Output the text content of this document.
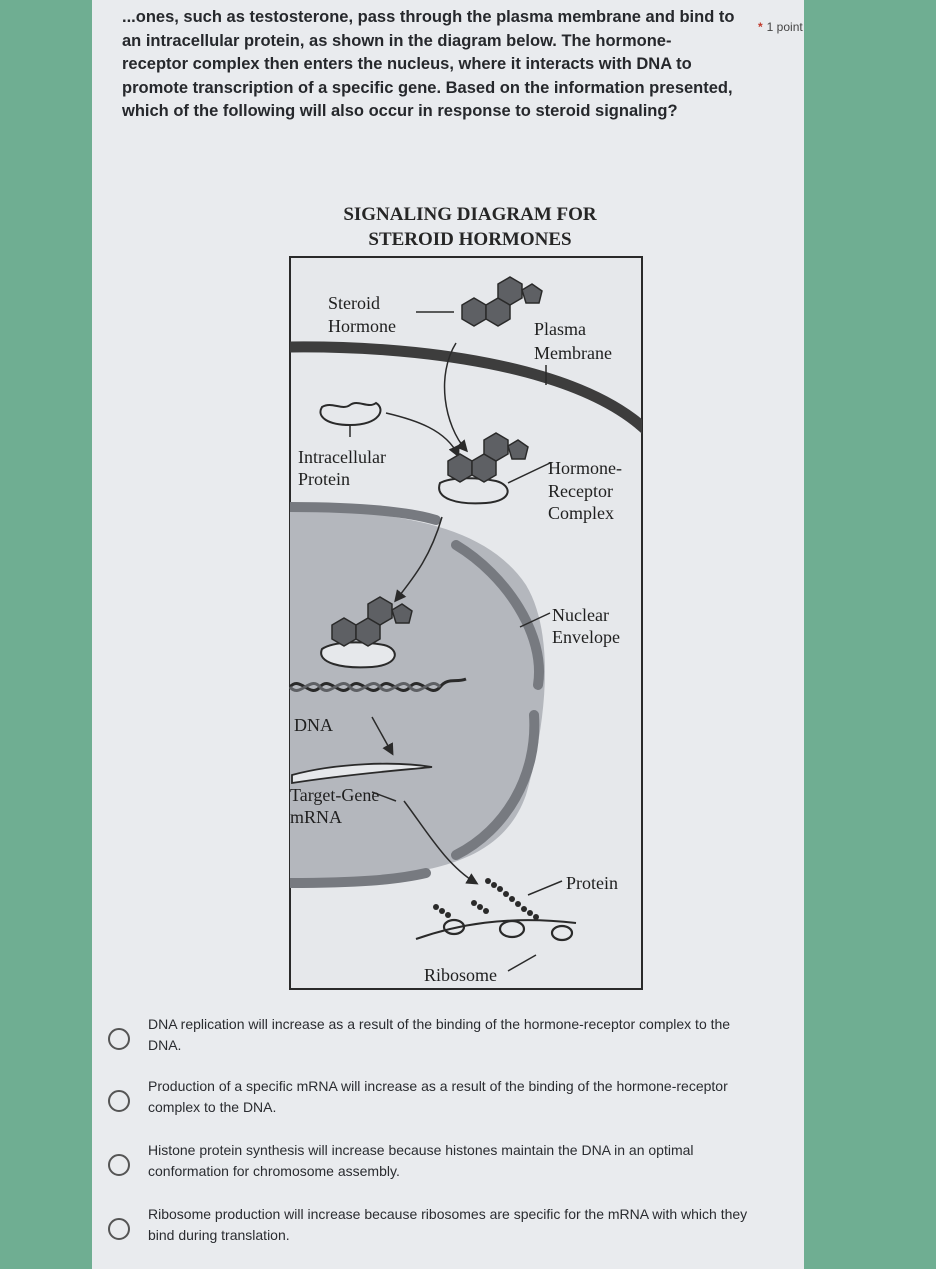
...ones, such as testosterone, pass through the plasma membrane and bind to an intracellular protein, as shown in the diagram below. The hormone-receptor complex then enters the nucleus, where it interacts with DNA to promote transcription of a specific gene. Based on the information presented, which of the following will also occur in response to steroid signaling?
* 1 point
SIGNALING DIAGRAM FOR
STEROID HORMONES
Steroid
Hormone	Plasma
Membrane
Intracellular
Protein
Hormone-
Receptor
Complex
Nuclear
Envelope
DNA
Target-Gene
mRNA
Protein
Ribosome
DNA replication will increase as a result of the binding of the hormone-receptor complex to the DNA.
Production of a specific mRNA will increase as a result of the binding of the hormone-receptor complex to the DNA.
Histone protein synthesis will increase because histones maintain the DNA in an optimal conformation for chromosome assembly.
Ribosome production will increase because ribosomes are specific for the mRNA with which they bind during translation.
